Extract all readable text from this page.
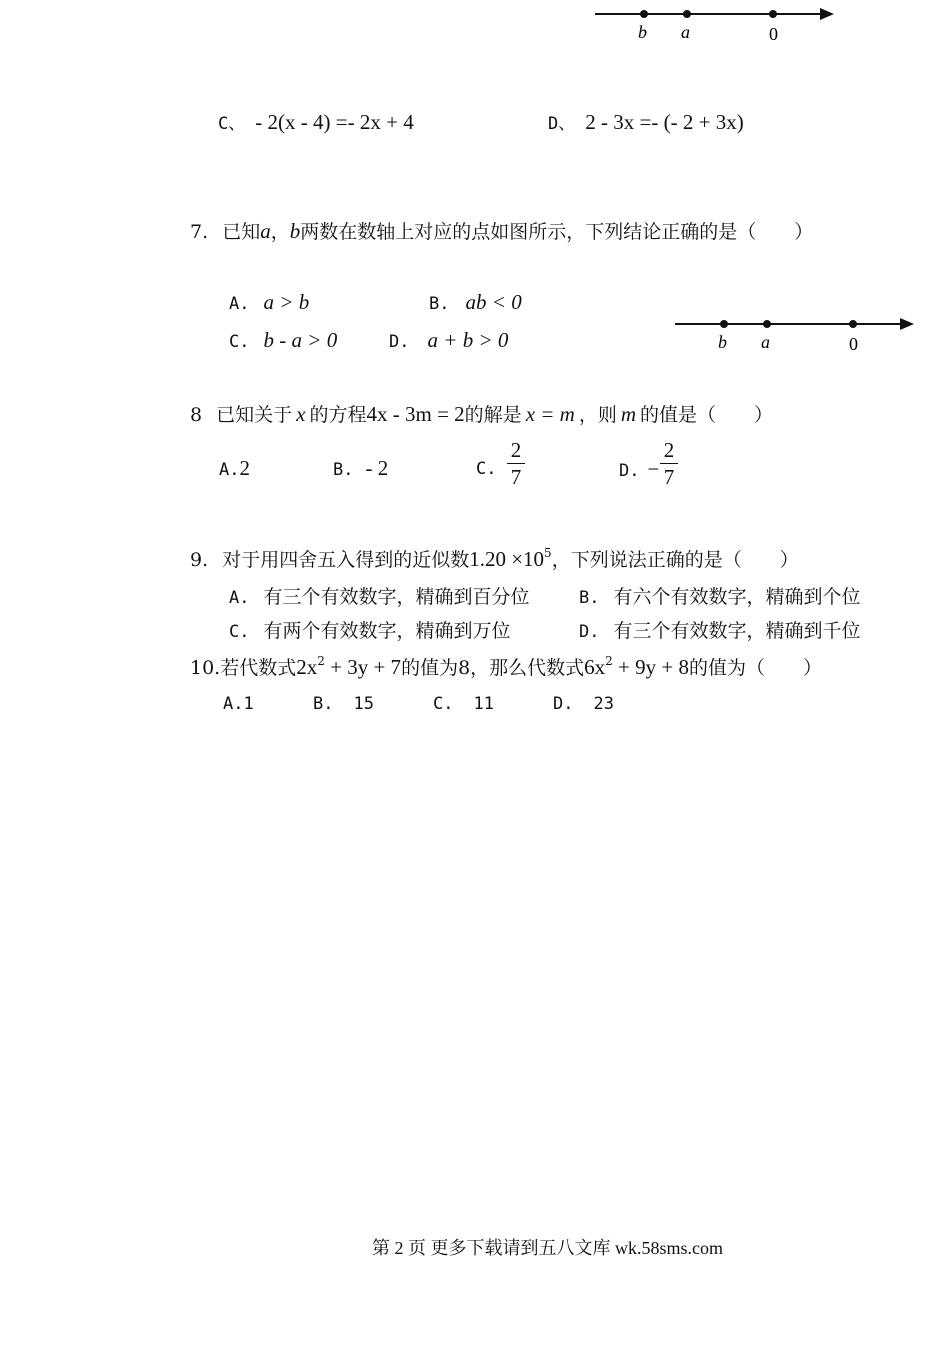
b a	0
C、 - 2(x - 4) =- 2x + 4	D、 2 - 3x =- (- 2 + 3x)
7. 已知a，b两数在数轴上对应的点如图所示，下列结论正确的是（　　）
A. a > b	B. ab < 0
C. b - a > 0	D. a + b > 0	b a	0
8 已知关于 x 的方程4x - 3m = 2的解是 x = m ，则 m 的值是（　　）
A.2	B. - 2	C.
2
7	D. −
2
7
9. 对于用四舍五入得到的近似数$1.20 \times 10^5$，下列说法正确的是（　　）
A. 有三个有效数字，精确到百分位	B. 有六个有效数字，精确到个位
C. 有两个有效数字，精确到万位	D. 有三个有效数字，精确到千位
10.若代数式$2x^2 + 3y + 7$的值为8，那么代数式$6x^2 + 9y + 8$的值为（　　）
A.1	B. 15	C. 11	D. 23
第 2 页 更多下载请到五八文库 wk.58sms.com
